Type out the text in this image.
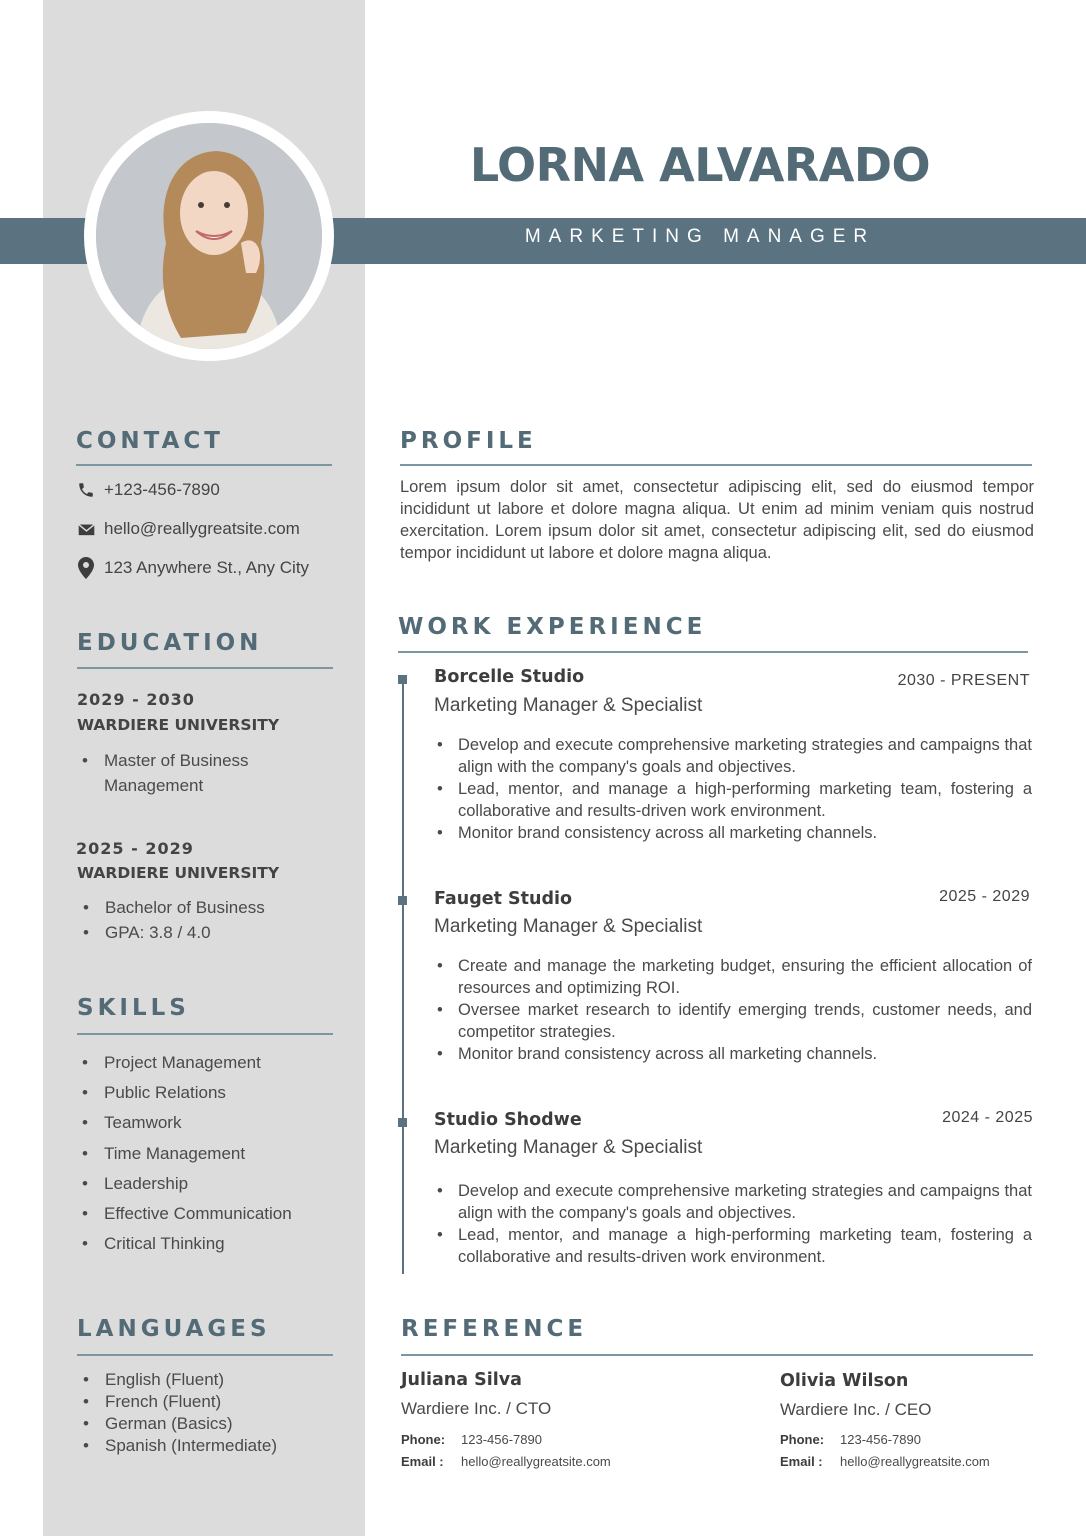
LORNA ALVARADO
MARKETING MANAGER
CONTACT
+123-456-7890
hello@reallygreatsite.com
123 Anywhere St., Any City
EDUCATION
2029 - 2030
WARDIERE UNIVERSITY
• Master of Business Management
2025 - 2029
WARDIERE UNIVERSITY
• Bachelor of Business
• GPA: 3.8 / 4.0
SKILLS
• Project Management
• Public Relations
• Teamwork
• Time Management
• Leadership
• Effective Communication
• Critical Thinking
LANGUAGES
• English (Fluent)
• French (Fluent)
• German (Basics)
• Spanish (Intermediate)
PROFILE
Lorem ipsum dolor sit amet, consectetur adipiscing elit, sed do eiusmod tempor incididunt ut labore et dolore magna aliqua. Ut enim ad minim veniam quis nostrud exercitation. Lorem ipsum dolor sit amet, consectetur adipiscing elit, sed do eiusmod tempor incididunt ut labore et dolore magna aliqua.
WORK EXPERIENCE
Borcelle Studio	2030 - PRESENT
Marketing Manager & Specialist
• Develop and execute comprehensive marketing strategies and campaigns that align with the company's goals and objectives.
• Lead, mentor, and manage a high-performing marketing team, fostering a collaborative and results-driven work environment.
• Monitor brand consistency across all marketing channels.
Fauget Studio	2025 - 2029
Marketing Manager & Specialist
• Create and manage the marketing budget, ensuring the efficient allocation of resources and optimizing ROI.
• Oversee market research to identify emerging trends, customer needs, and competitor strategies.
• Monitor brand consistency across all marketing channels.
Studio Shodwe	2024 - 2025
Marketing Manager & Specialist
• Develop and execute comprehensive marketing strategies and campaigns that align with the company's goals and objectives.
• Lead, mentor, and manage a high-performing marketing team, fostering a collaborative and results-driven work environment.
REFERENCE
Juliana Silva
Wardiere Inc. / CTO
Phone: 123-456-7890
Email : hello@reallygreatsite.com
Olivia Wilson
Wardiere Inc. / CEO
Phone: 123-456-7890
Email : hello@reallygreatsite.com
